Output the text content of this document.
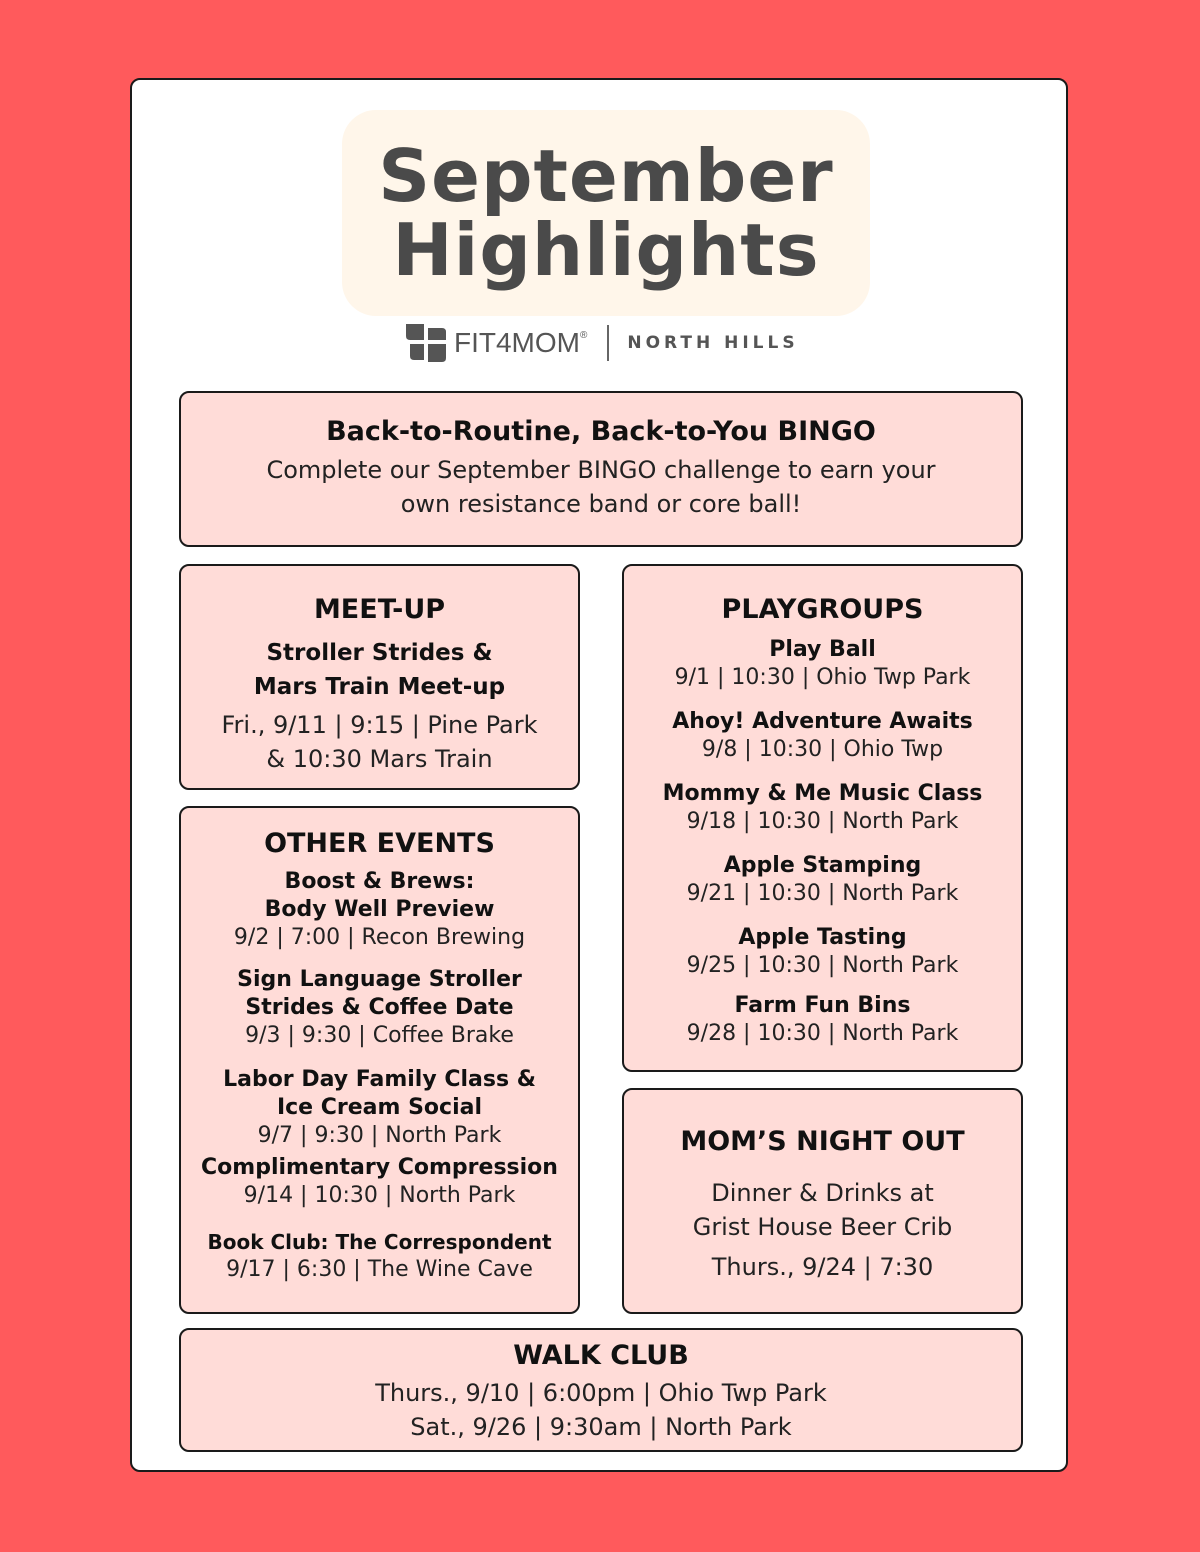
September
Highlights
FIT4MOM ® NORTH HILLS
Back-to-Routine, Back-to-You BINGO
Complete our September BINGO challenge to earn your
own resistance band or core ball!
MEET-UP
Stroller Strides &
Mars Train Meet-up
Fri., 9/11 | 9:15 | Pine Park
& 10:30 Mars Train
OTHER EVENTS
Boost & Brews:
Body Well Preview
9/2 | 7:00 | Recon Brewing
Sign Language Stroller
Strides & Coffee Date
9/3 | 9:30 | Coffee Brake
Labor Day Family Class &
Ice Cream Social
9/7 | 9:30 | North Park
Complimentary Compression
9/14 | 10:30 | North Park
Book Club: The Correspondent
9/17 | 6:30 | The Wine Cave
PLAYGROUPS
Play Ball
9/1 | 10:30 | Ohio Twp Park
Ahoy! Adventure Awaits
9/8 | 10:30 | Ohio Twp
Mommy & Me Music Class
9/18 | 10:30 | North Park
Apple Stamping
9/21 | 10:30 | North Park
Apple Tasting
9/25 | 10:30 | North Park
Farm Fun Bins
9/28 | 10:30 | North Park
MOM’S NIGHT OUT
Dinner & Drinks at
Grist House Beer Crib
Thurs., 9/24 | 7:30
WALK CLUB
Thurs., 9/10 | 6:00pm | Ohio Twp Park
Sat., 9/26 | 9:30am | North Park
